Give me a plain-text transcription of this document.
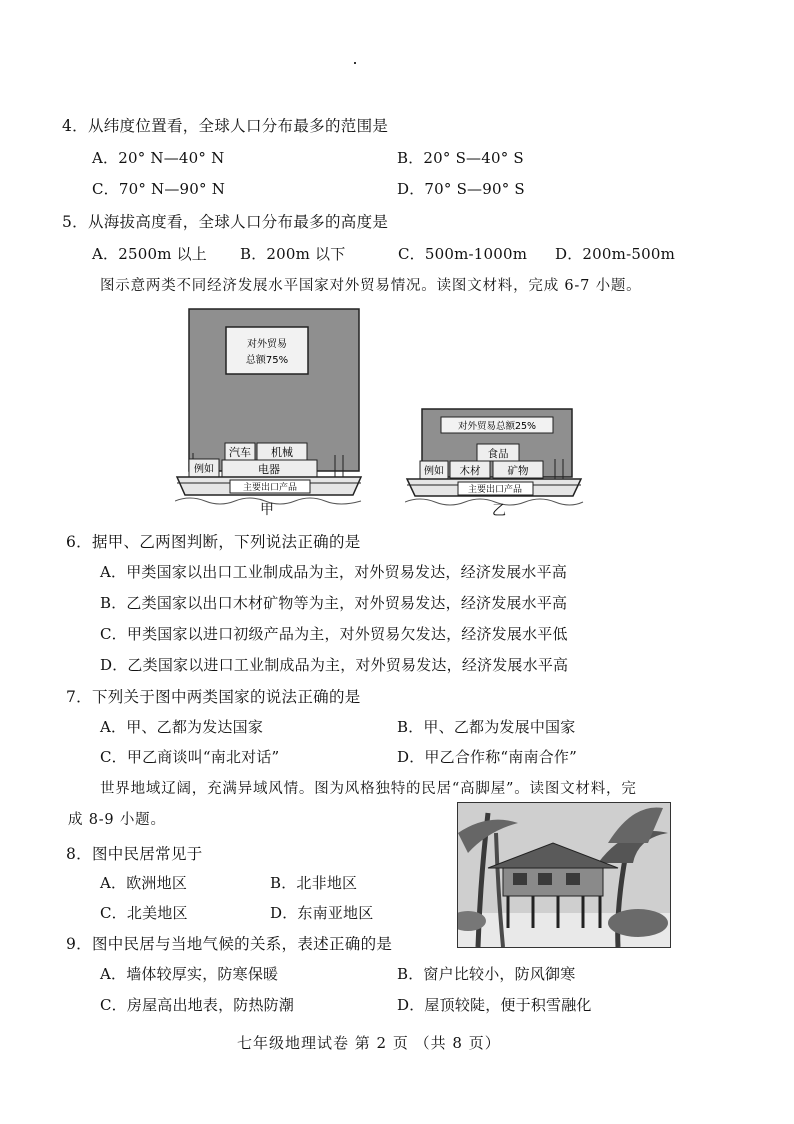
4．从纬度位置看，全球人口分布最多的范围是
A．20° N—40° N	B．20° S—40° S
C．70° N—90° N	D．70° S—90° S
5．从海拔高度看，全球人口分布最多的高度是
A．2500m 以上 B．200m 以下	C．500m-1000m D．200m-500m
图示意两类不同经济发展水平国家对外贸易情况。读图文材料，完成 6-7 小题。
对外贸易
总额75%
汽车 机械
电器
例如
主要出口产品
甲
对外贸易总额25%
食品
木材	矿物
例如
主要出口产品
乙
6．据甲、乙两图判断，下列说法正确的是
A．甲类国家以出口工业制成品为主，对外贸易发达，经济发展水平高
B．乙类国家以出口木材矿物等为主，对外贸易发达，经济发展水平高
C．甲类国家以进口初级产品为主，对外贸易欠发达，经济发展水平低
D．乙类国家以进口工业制成品为主，对外贸易发达，经济发展水平高
7．下列关于图中两类国家的说法正确的是
A．甲、乙都为发达国家	B．甲、乙都为发展中国家
C．甲乙商谈叫“南北对话”	D．甲乙合作称“南南合作”
世界地域辽阔，充满异域风情。图为风格独特的民居“高脚屋”。读图文材料，完
成 8-9 小题。
8．图中民居常见于
A．欧洲地区	B．北非地区
C．北美地区	D．东南亚地区
9．图中民居与当地气候的关系，表述正确的是
A．墙体较厚实，防寒保暖	B．窗户比较小，防风御寒
C．房屋高出地表，防热防潮	D．屋顶较陡，便于积雪融化
七年级地理试卷 第 2 页 （共 8 页）
